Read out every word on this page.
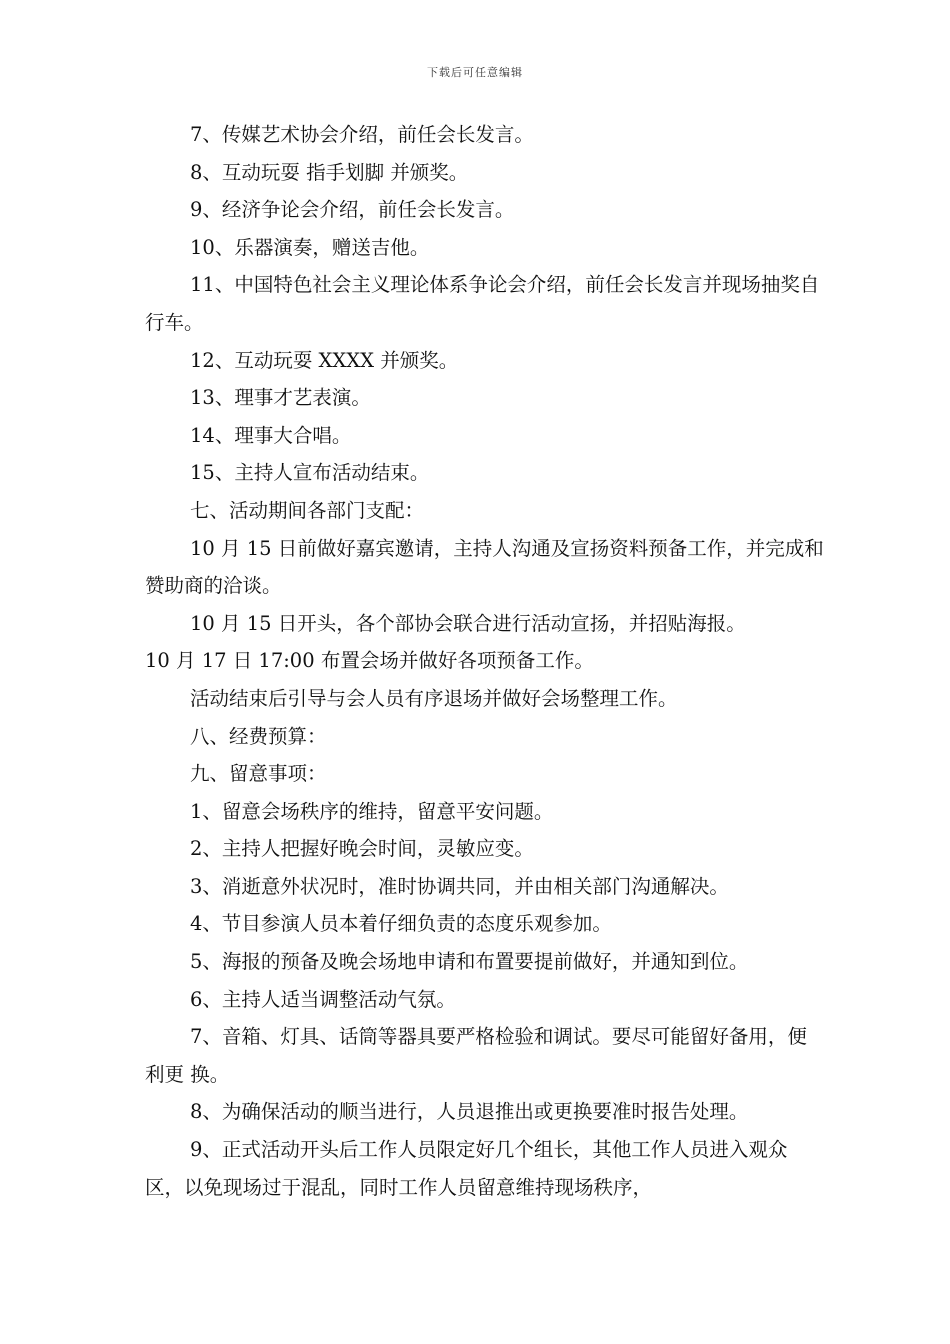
下载后可任意编辑

7、传媒艺术协会介绍，前任会长发言。

8、互动玩耍 指手划脚 并颁奖。

9、经济争论会介绍，前任会长发言。

10、乐器演奏，赠送吉他。

11、中国特色社会主义理论体系争论会介绍，前任会长发言并现场抽奖自 行车。

12、互动玩耍 XXXX 并颁奖。

13、理事才艺表演。

14、理事大合唱。

15、主持人宣布活动结束。

七、活动期间各部门支配：

10 月 15 日前做好嘉宾邀请，主持人沟通及宣扬资料预备工作，并完成和赞助商的洽谈。

10 月 15 日开头，各个部协会联合进行活动宣扬，并招贴海报。

10 月 17 日 17:00 布置会场并做好各项预备工作。

活动结束后引导与会人员有序退场并做好会场整理工作。

八、经费预算：

九、留意事项：

1、留意会场秩序的维持，留意平安问题。

2、主持人把握好晚会时间，灵敏应变。

3、消逝意外状况时，准时协调共同，并由相关部门沟通解决。

4、节目参演人员本着仔细负责的态度乐观参加。

5、海报的预备及晚会场地申请和布置要提前做好，并通知到位。

6、主持人适当调整活动气氛。

7、音箱、灯具、话筒等器具要严格检验和调试。要尽可能留好备用，便利更 换。

8、为确保活动的顺当进行，人员退推出或更换要准时报告处理。

9、正式活动开头后工作人员限定好几个组长，其他工作人员进入观众区，以免现场过于混乱，同时工作人员留意维持现场秩序，
